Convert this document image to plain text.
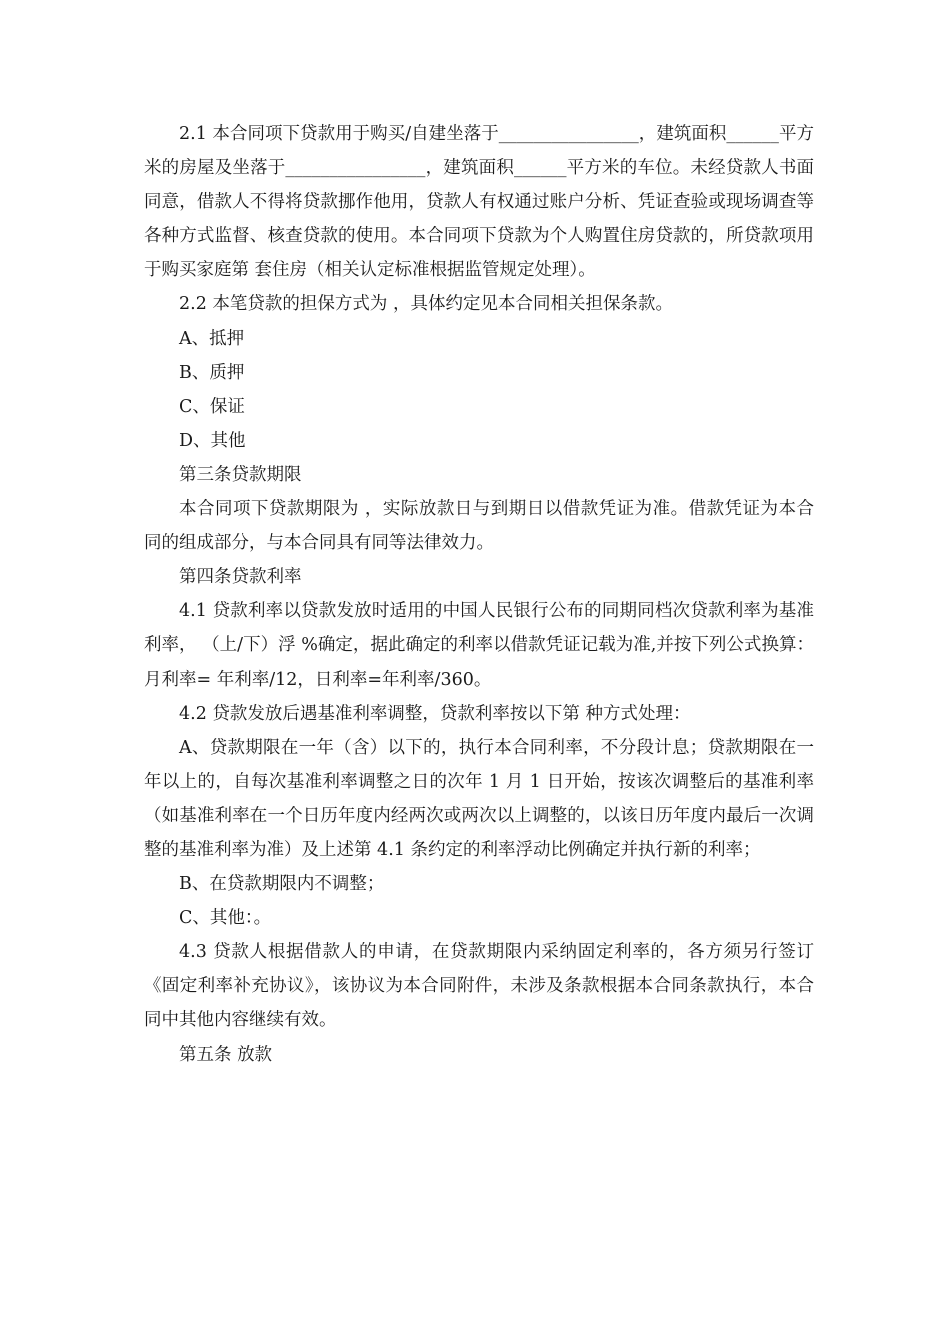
2.1 本合同项下贷款用于购买/自建坐落于________________，建筑面积______平方米的房屋及坐落于________________，建筑面积______平方米的车位。未经贷款人书面同意，借款人不得将贷款挪作他用，贷款人有权通过账户分析、凭证查验或现场调查等各种方式监督、核查贷款的使用。本合同项下贷款为个人购置住房贷款的，所贷款项用于购买家庭第 套住房（相关认定标准根据监管规定处理）。

2.2 本笔贷款的担保方式为 ，具体约定见本合同相关担保条款。

A、抵押

B、质押

C、保证

D、其他

第三条贷款期限

本合同项下贷款期限为 ，实际放款日与到期日以借款凭证为准。借款凭证为本合同的组成部分，与本合同具有同等法律效力。

第四条贷款利率

4.1 贷款利率以贷款发放时适用的中国人民银行公布的同期同档次贷款利率为基准利率， （上/下）浮 %确定，据此确定的利率以借款凭证记载为准,并按下列公式换算：月利率= 年利率/12，日利率=年利率/360。

4.2 贷款发放后遇基准利率调整，贷款利率按以下第 种方式处理：

A、贷款期限在一年（含）以下的，执行本合同利率，不分段计息；贷款期限在一年以上的，自每次基准利率调整之日的次年 1 月 1 日开始，按该次调整后的基准利率（如基准利率在一个日历年度内经两次或两次以上调整的，以该日历年度内最后一次调整的基准利率为准）及上述第 4.1 条约定的利率浮动比例确定并执行新的利率；

B、在贷款期限内不调整；

C、其他：。

4.3 贷款人根据借款人的申请，在贷款期限内采纳固定利率的，各方须另行签订《固定利率补充协议》，该协议为本合同附件，未涉及条款根据本合同条款执行，本合同中其他内容继续有效。

第五条 放款
